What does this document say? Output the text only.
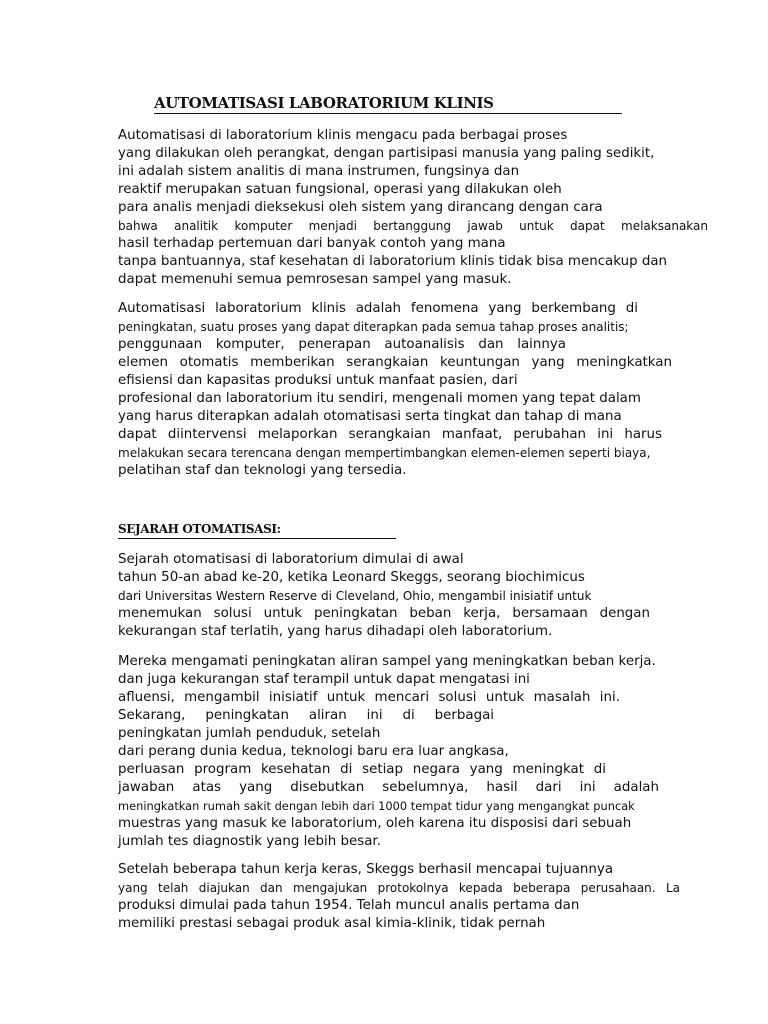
AUTOMATISASI LABORATORIUM KLINIS
Automatisasi di laboratorium klinis mengacu pada berbagai proses
yang dilakukan oleh perangkat, dengan partisipasi manusia yang paling sedikit,
ini adalah sistem analitis di mana instrumen, fungsinya dan
reaktif merupakan satuan fungsional, operasi yang dilakukan oleh
para analis menjadi dieksekusi oleh sistem yang dirancang dengan cara
bahwa analitik komputer menjadi bertanggung jawab untuk dapat melaksanakan
hasil terhadap pertemuan dari banyak contoh yang mana
tanpa bantuannya, staf kesehatan di laboratorium klinis tidak bisa mencakup dan
dapat memenuhi semua pemrosesan sampel yang masuk.
Automatisasi laboratorium klinis adalah fenomena yang berkembang di
peningkatan, suatu proses yang dapat diterapkan pada semua tahap proses analitis;
penggunaan komputer, penerapan autoanalisis dan lainnya
elemen otomatis memberikan serangkaian keuntungan yang meningkatkan
efisiensi dan kapasitas produksi untuk manfaat pasien, dari
profesional dan laboratorium itu sendiri, mengenali momen yang tepat dalam
yang harus diterapkan adalah otomatisasi serta tingkat dan tahap di mana
dapat diintervensi melaporkan serangkaian manfaat, perubahan ini harus
melakukan secara terencana dengan mempertimbangkan elemen-elemen seperti biaya,
pelatihan staf dan teknologi yang tersedia.
SEJARAH OTOMATISASI:
Sejarah otomatisasi di laboratorium dimulai di awal
tahun 50-an abad ke-20, ketika Leonard Skeggs, seorang biochimicus
dari Universitas Western Reserve di Cleveland, Ohio, mengambil inisiatif untuk
menemukan solusi untuk peningkatan beban kerja, bersamaan dengan
kekurangan staf terlatih, yang harus dihadapi oleh laboratorium.
Mereka mengamati peningkatan aliran sampel yang meningkatkan beban kerja.
dan juga kekurangan staf terampil untuk dapat mengatasi ini
afluensi, mengambil inisiatif untuk mencari solusi untuk masalah ini.
Sekarang, peningkatan aliran ini di berbagai
peningkatan jumlah penduduk, setelah
dari perang dunia kedua, teknologi baru era luar angkasa,
perluasan program kesehatan di setiap negara yang meningkat di
jawaban atas yang disebutkan sebelumnya, hasil dari ini adalah
meningkatkan rumah sakit dengan lebih dari 1000 tempat tidur yang mengangkat puncak
muestras yang masuk ke laboratorium, oleh karena itu disposisi dari sebuah
jumlah tes diagnostik yang lebih besar.
Setelah beberapa tahun kerja keras, Skeggs berhasil mencapai tujuannya
yang telah diajukan dan mengajukan protokolnya kepada beberapa perusahaan. La
produksi dimulai pada tahun 1954. Telah muncul analis pertama dan
memiliki prestasi sebagai produk asal kimia-klinik, tidak pernah
